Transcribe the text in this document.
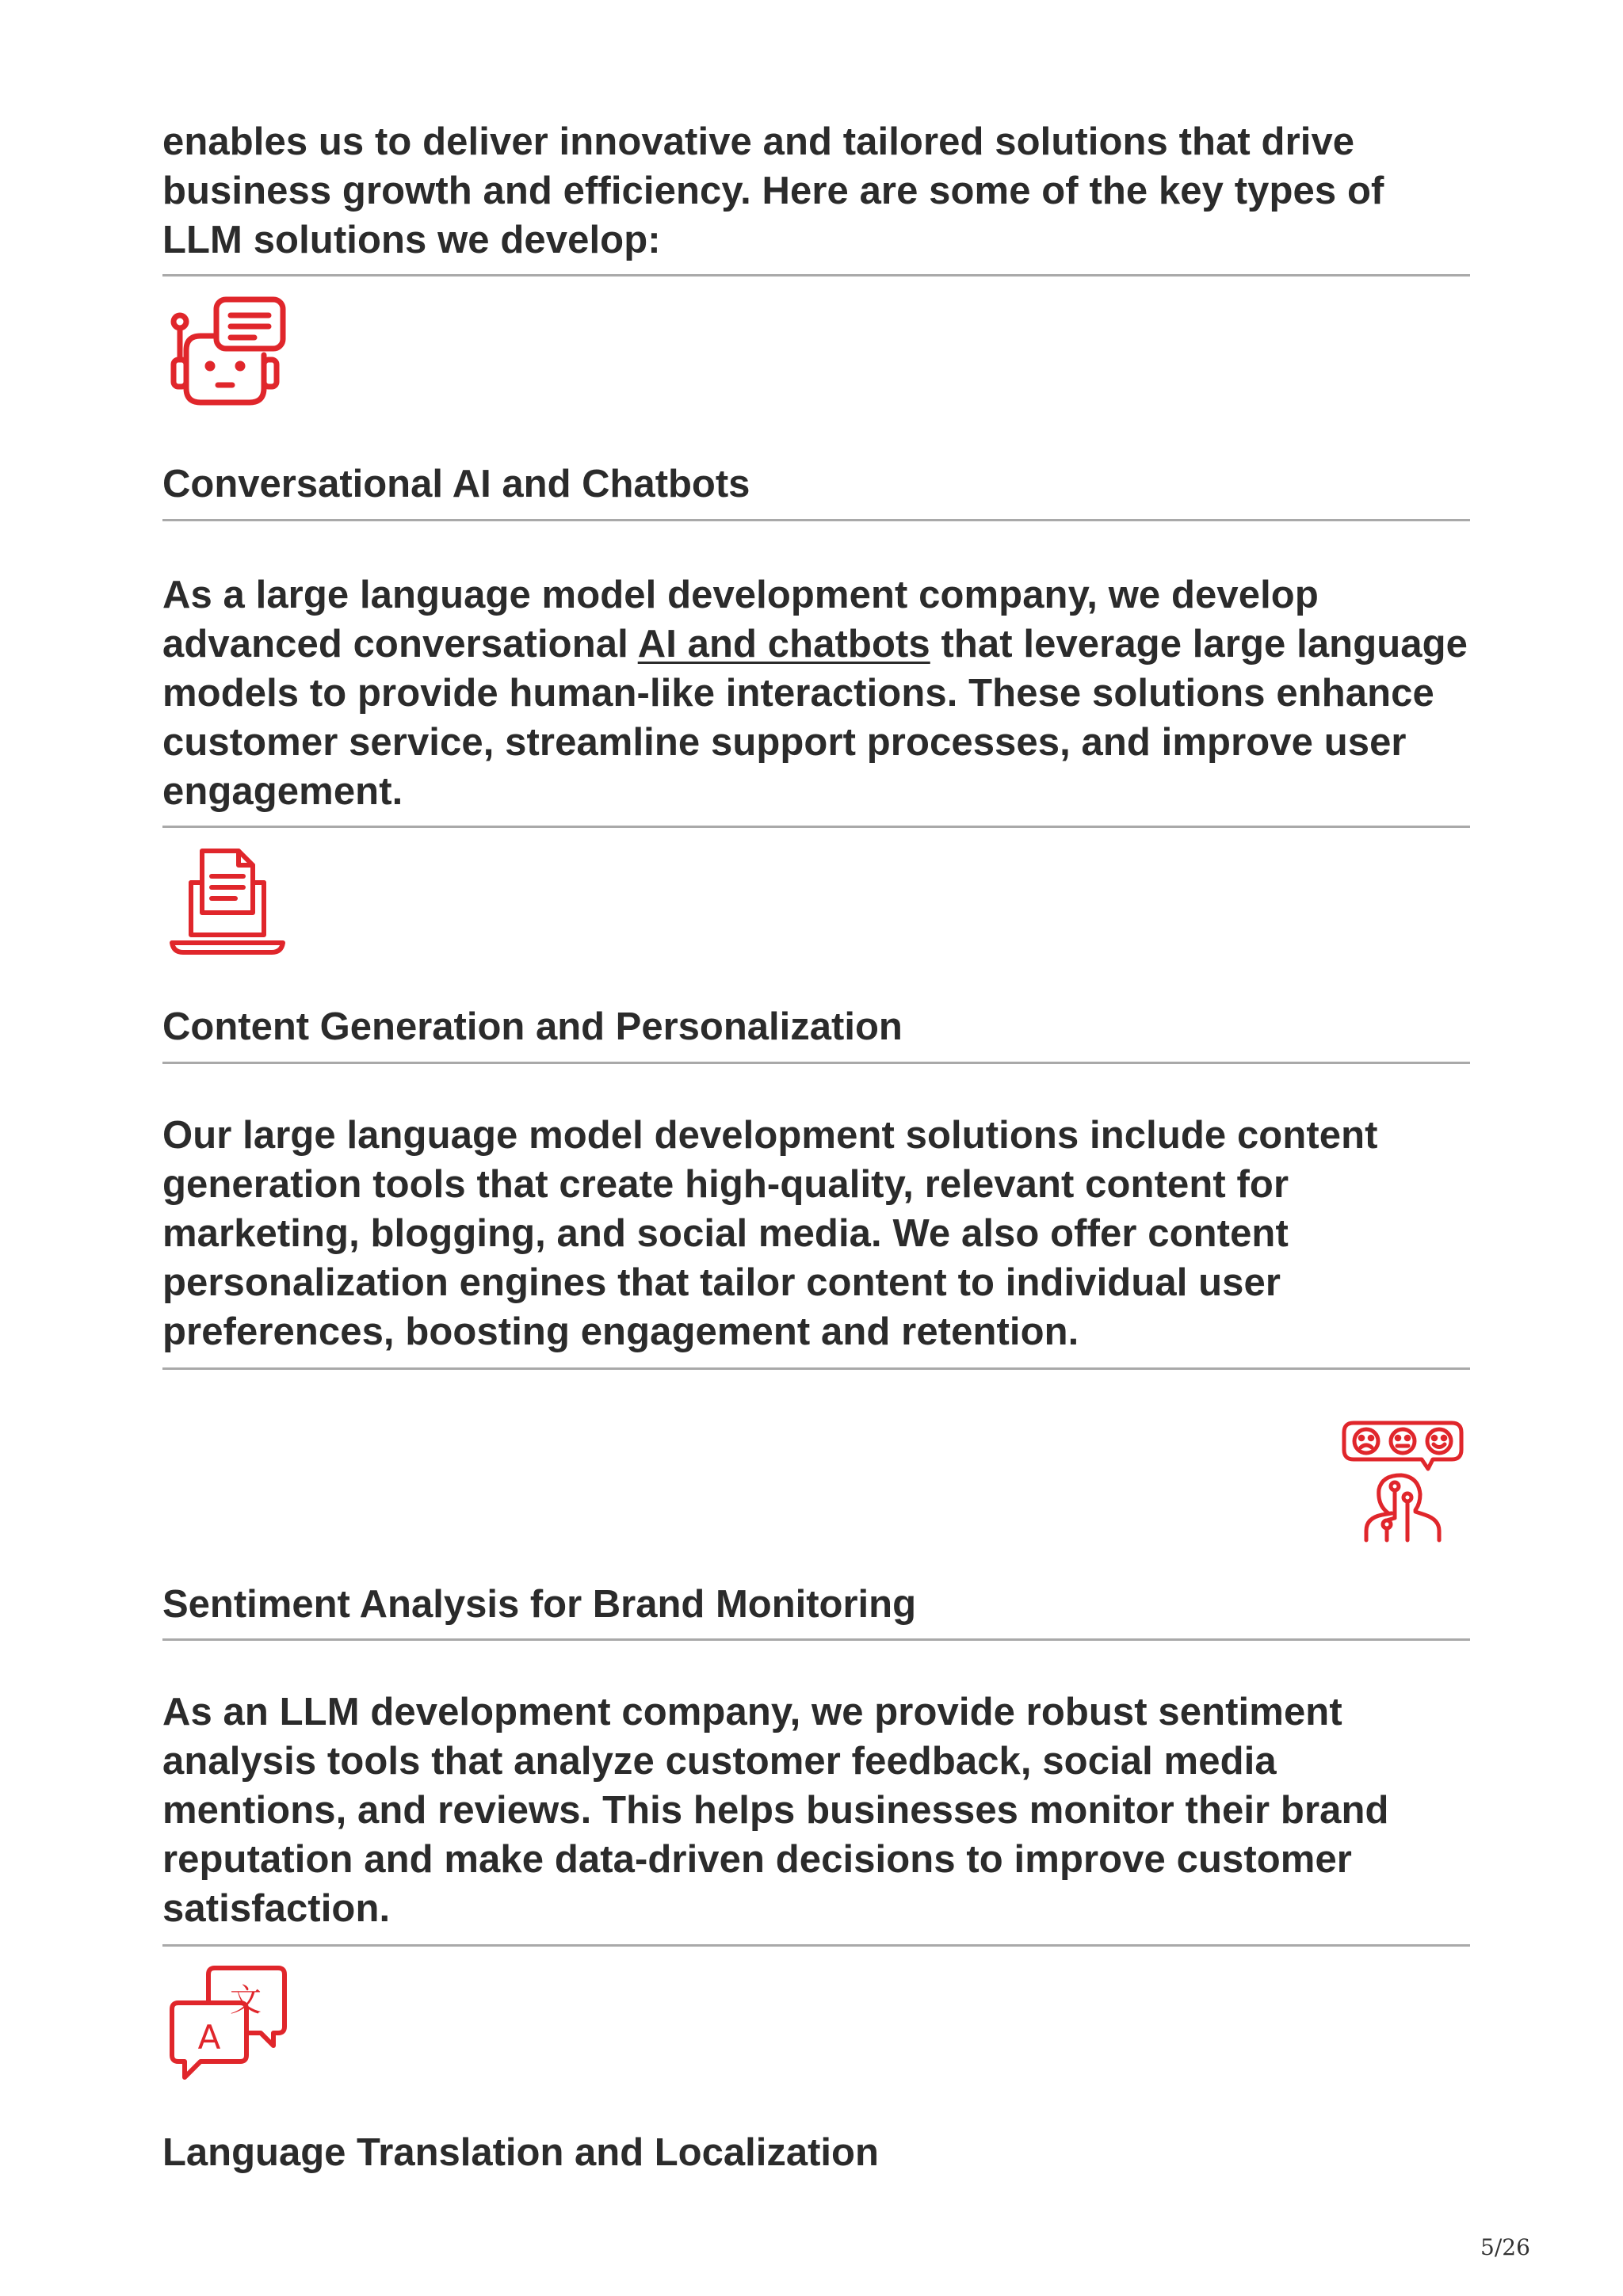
enables us to deliver innovative and tailored solutions that drive business growth and efficiency. Here are some of the key types of LLM solutions we develop:

Conversational AI and Chatbots

As a large language model development company, we develop advanced conversational AI and chatbots that leverage large language models to provide human-like interactions. These solutions enhance customer service, streamline support processes, and improve user engagement.

Content Generation and Personalization

Our large language model development solutions include content generation tools that create high-quality, relevant content for marketing, blogging, and social media. We also offer content personalization engines that tailor content to individual user preferences, boosting engagement and retention.

Sentiment Analysis for Brand Monitoring

As an LLM development company, we provide robust sentiment analysis tools that analyze customer feedback, social media mentions, and reviews. This helps businesses monitor their brand reputation and make data-driven decisions to improve customer satisfaction.

文
A
Language Translation and Localization
5/26
